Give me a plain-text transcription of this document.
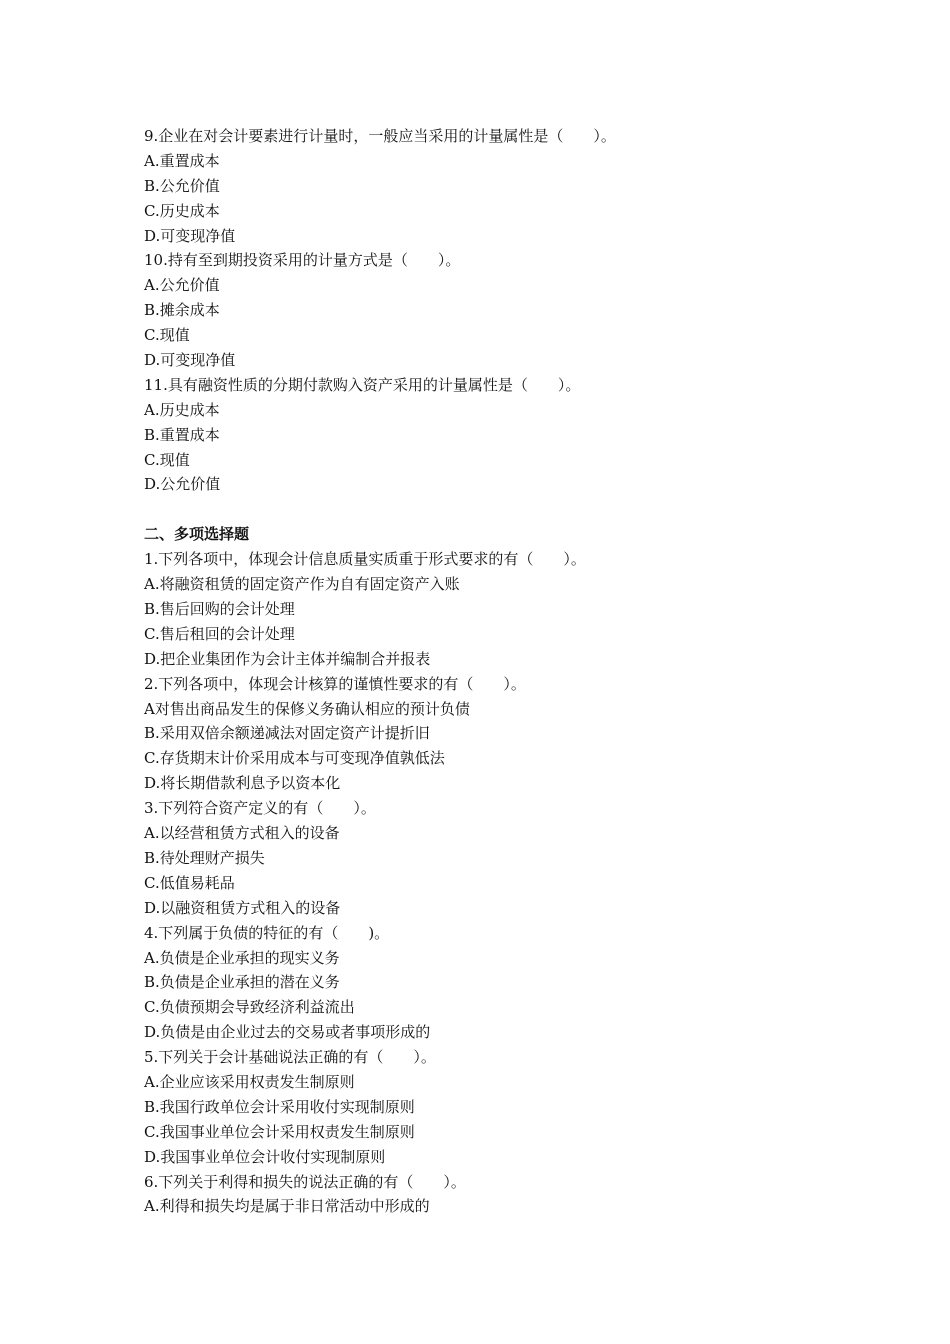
9.企业在对会计要素进行计量时，一般应当采用的计量属性是（　　）。
A.重置成本
B.公允价值
C.历史成本
D.可变现净值
10.持有至到期投资采用的计量方式是（　　）。
A.公允价值
B.摊余成本
C.现值
D.可变现净值
11.具有融资性质的分期付款购入资产采用的计量属性是（　　）。
A.历史成本
B.重置成本
C.现值
D.公允价值
二、多项选择题
1.下列各项中，体现会计信息质量实质重于形式要求的有（　　）。
A.将融资租赁的固定资产作为自有固定资产入账
B.售后回购的会计处理
C.售后租回的会计处理
D.把企业集团作为会计主体并编制合并报表
2.下列各项中，体现会计核算的谨慎性要求的有（　　）。
A对售出商品发生的保修义务确认相应的预计负债
B.采用双倍余额递减法对固定资产计提折旧
C.存货期末计价采用成本与可变现净值孰低法
D.将长期借款利息予以资本化
3.下列符合资产定义的有（　　）。
A.以经营租赁方式租入的设备
B.待处理财产损失
C.低值易耗品
D.以融资租赁方式租入的设备
4.下列属于负债的特征的有（　　)。
A.负债是企业承担的现实义务
B.负债是企业承担的潜在义务
C.负债预期会导致经济利益流出
D.负债是由企业过去的交易或者事项形成的
5.下列关于会计基础说法正确的有（　　）。
A.企业应该采用权责发生制原则
B.我国行政单位会计采用收付实现制原则
C.我国事业单位会计采用权责发生制原则
D.我国事业单位会计收付实现制原则
6.下列关于利得和损失的说法正确的有（　　）。
A.利得和损失均是属于非日常活动中形成的
